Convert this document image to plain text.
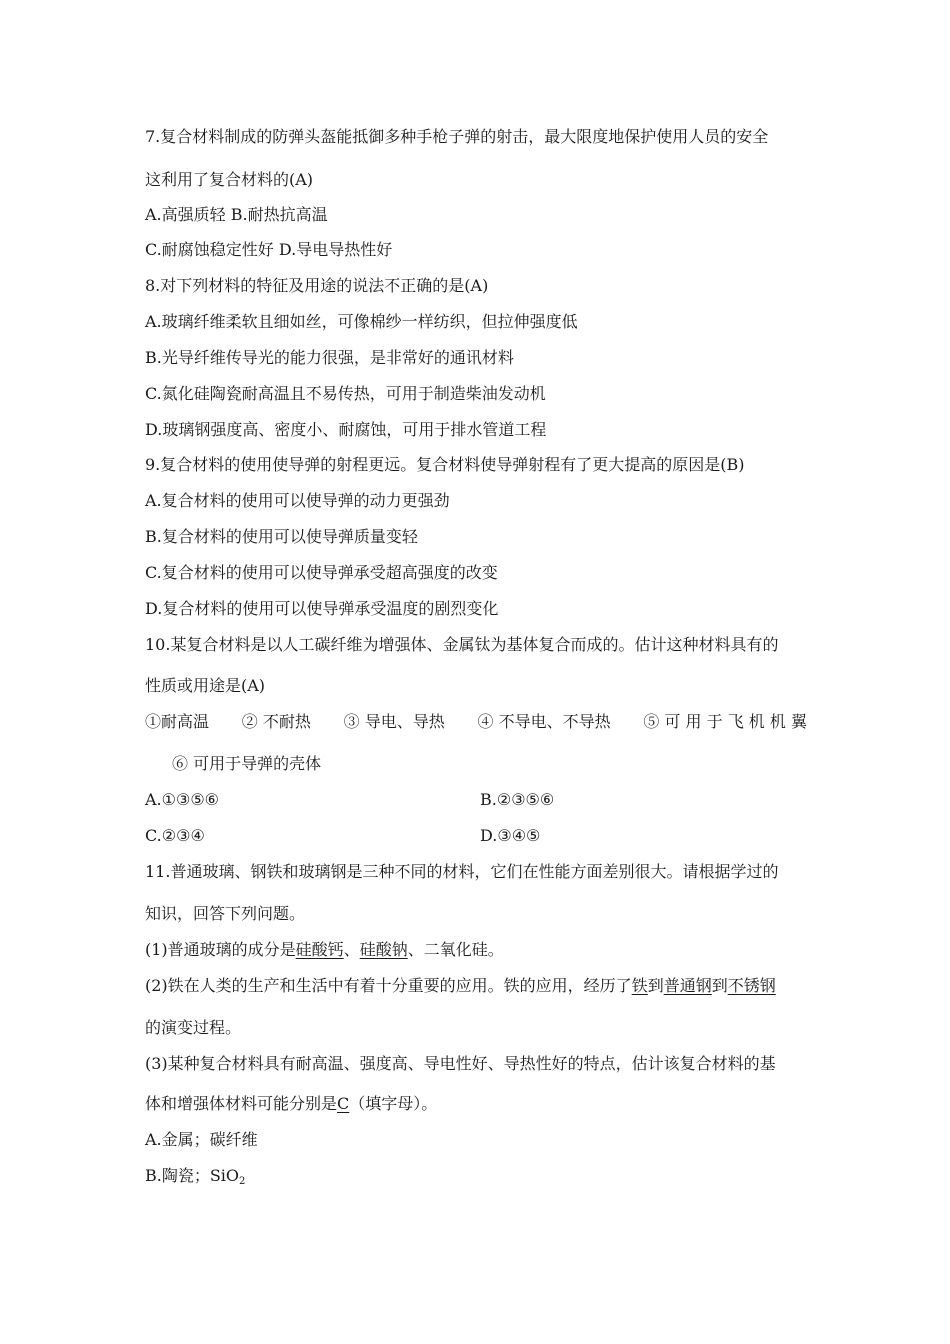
7.复合材料制成的防弹头盔能抵御多种手枪子弹的射击，最大限度地保护使用人员的安全
这利用了复合材料的(A)
A.高强质轻 B.耐热抗高温
C.耐腐蚀稳定性好 D.导电导热性好
8.对下列材料的特征及用途的说法不正确的是(A)
A.玻璃纤维柔软且细如丝，可像棉纱一样纺织，但拉伸强度低
B.光导纤维传导光的能力很强，是非常好的通讯材料
C.氮化硅陶瓷耐高温且不易传热，可用于制造柴油发动机
D.玻璃钢强度高、密度小、耐腐蚀，可用于排水管道工程
9.复合材料的使用使导弹的射程更远。复合材料使导弹射程有了更大提高的原因是(B)
A.复合材料的使用可以使导弹的动力更强劲
B.复合材料的使用可以使导弹质量变轻
C.复合材料的使用可以使导弹承受超高强度的改变
D.复合材料的使用可以使导弹承受温度的剧烈变化
10.某复合材料是以人工碳纤维为增强体、金属钛为基体复合而成的。估计这种材料具有的
性质或用途是(A)
①耐高温 ② 不耐热 ③ 导电、导热 ④ 不导电、不导热 ⑤ 可 用 于 飞 机 机 翼
⑥ 可用于导弹的壳体
A.①③⑤⑥	B.②③⑤⑥
C.②③④	D.③④⑤
11.普通玻璃、钢铁和玻璃钢是三种不同的材料，它们在性能方面差别很大。请根据学过的
知识，回答下列问题。
(1)普通玻璃的成分是硅酸钙、硅酸钠、二氧化硅。
(2)铁在人类的生产和生活中有着十分重要的应用。铁的应用，经历了铁到普通钢到不锈钢
的演变过程。
(3)某种复合材料具有耐高温、强度高、导电性好、导热性好的特点，估计该复合材料的基
体和增强体材料可能分别是C（填字母）。
A.金属；碳纤维
B.陶瓷；SiO$_2$
